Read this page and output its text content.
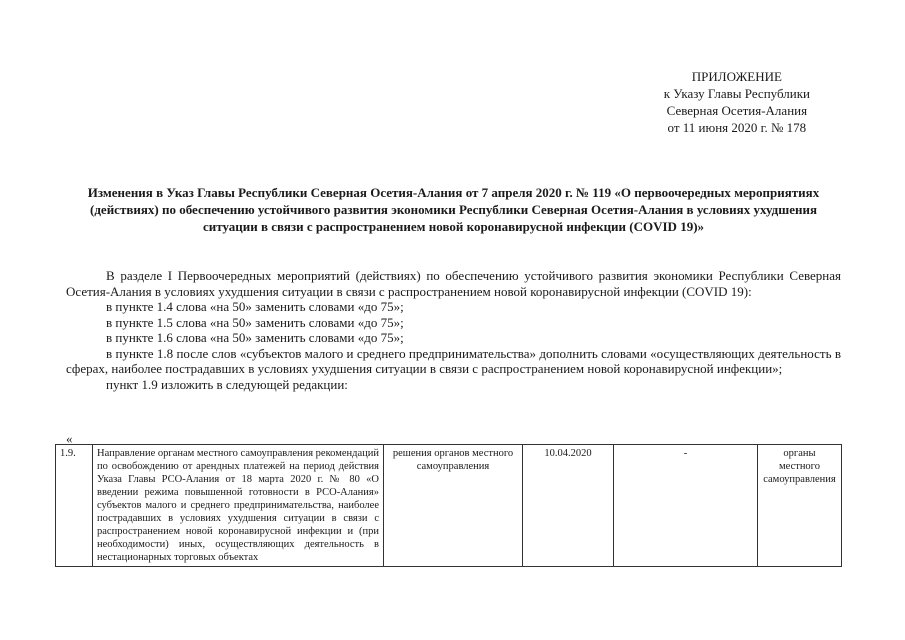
ПРИЛОЖЕНИЕ
к Указу Главы Республики
Северная Осетия-Алания
от 11 июня 2020 г. № 178
Изменения в Указ Главы Республики Северная Осетия-Алания от 7 апреля 2020 г. № 119 «О первоочередных мероприятиях (действиях) по обеспечению устойчивого развития экономики Республики Северная Осетия-Алания в условиях ухудшения ситуации в связи с распространением новой коронавирусной инфекции (COVID 19)»

В разделе I Первоочередных мероприятий (действиях) по обеспечению устойчивого развития экономики Республики Северная Осетия-Алания в условиях ухудшения ситуации в связи с распространением новой коронавирусной инфекции (COVID 19):

в пункте 1.4 слова «на 50» заменить словами «до 75»;

в пункте 1.5 слова «на 50» заменить словами «до 75»;

в пункте 1.6 слова «на 50» заменить словами «до 75»;

в пункте 1.8 после слов «субъектов малого и среднего предпринимательства» дополнить словами «осуществляющих деятельность в сферах, наиболее пострадавших в условиях ухудшения ситуации в связи с распространением новой коронавирусной инфекции»;

пункт 1.9 изложить в следующей редакции:

«
1.9.	Направление органам местного самоуправления рекомендаций по освобождению от арендных платежей на период действия Указа Главы РСО-Алания от 18 марта 2020 г. № 80 «О введении режима повышенной готовности в РСО-Алания» субъектов малого и среднего предпринимательства, наиболее пострадавших в условиях ухудшения ситуации в связи с распространением новой коронавирусной инфекции и (при необходимости) иных, осуществляющих деятельность в нестационарных торговых объектах	решения органов местного самоуправления	10.04.2020	-	органы местного самоуправления
